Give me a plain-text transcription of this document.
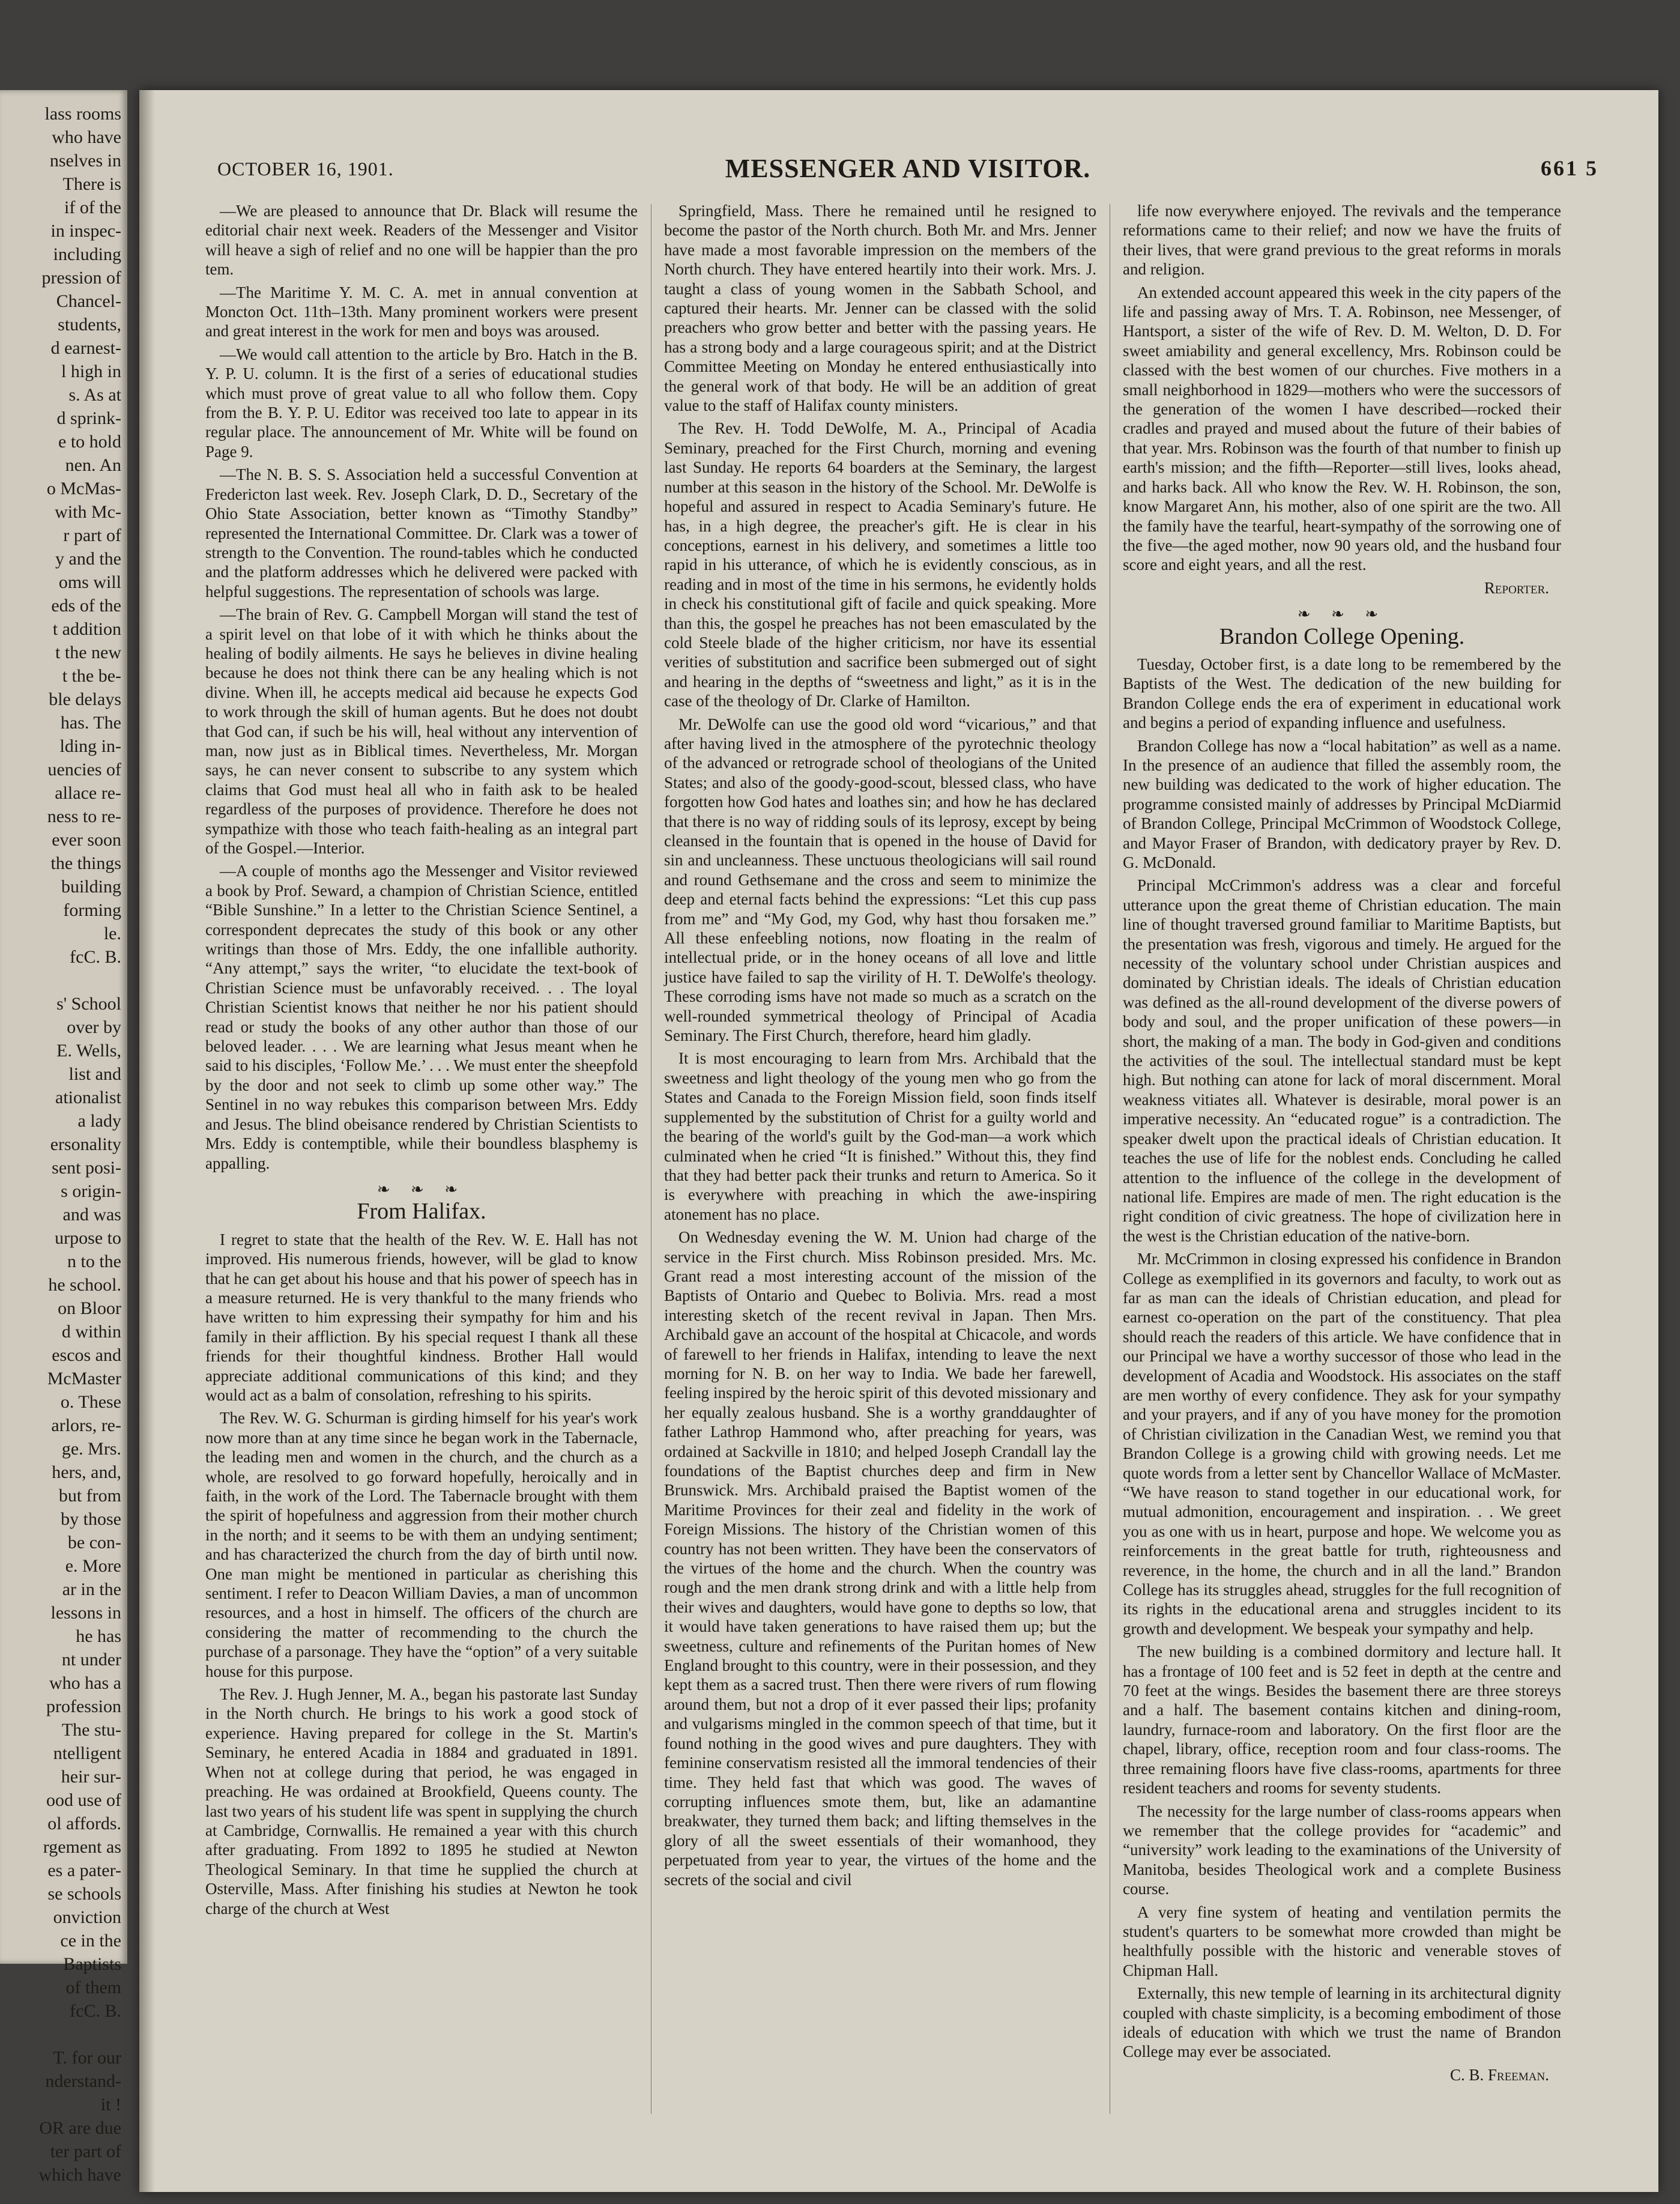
lass rooms
who have
nselves in
There is
if of the
in inspec-
including
pression of
Chancel-
students,
d earnest-
l high in
s. As at
d sprink-
e to hold
nen. An
o McMas-
with Mc-
r part of
y and the
oms will
eds of the
t addition
t the new
t the be-
ble delays
has. The
lding in-
uencies of
allace re-
ness to re-
ever soon
the things
building
forming
le.
fcC. B.
s' School
over by
E. Wells,
list and
ationalist
a lady
ersonality
sent posi-
s origin-
and was
urpose to
n to the
he school.
on Bloor
d within
escos and
McMaster
o. These
arlors, re-
ge. Mrs.
hers, and,
but from
by those
be con-
e. More
ar in the
lessons in
he has
nt under
who has a
profession
The stu-
ntelligent
heir sur-
ood use of
ol affords.
rgement as
es a pater-
se schools
onviction
ce in the
Baptists
of them
fcC. B.
T. for our
nderstand-
it !
OR are due
ter part of
which have
OCTOBER 16, 1901.	MESSENGER AND VISITOR.	661 5

—We are pleased to announce that Dr. Black will resume the editorial chair next week. Readers of the Messenger and Visitor will heave a sigh of relief and no one will be happier than the pro tem.

—The Maritime Y. M. C. A. met in annual convention at Moncton Oct. 11th–13th. Many prominent workers were present and great interest in the work for men and boys was aroused.

—We would call attention to the article by Bro. Hatch in the B. Y. P. U. column. It is the first of a series of educational studies which must prove of great value to all who follow them. Copy from the B. Y. P. U. Editor was received too late to appear in its regular place. The announcement of Mr. White will be found on Page 9.

—The N. B. S. S. Association held a successful Convention at Fredericton last week. Rev. Joseph Clark, D. D., Secretary of the Ohio State Association, better known as “Timothy Standby” represented the International Committee. Dr. Clark was a tower of strength to the Convention. The round-tables which he conducted and the platform addresses which he delivered were packed with helpful suggestions. The representation of schools was large.

—The brain of Rev. G. Campbell Morgan will stand the test of a spirit level on that lobe of it with which he thinks about the healing of bodily ailments. He says he believes in divine healing because he does not think there can be any healing which is not divine. When ill, he accepts medical aid because he expects God to work through the skill of human agents. But he does not doubt that God can, if such be his will, heal without any intervention of man, now just as in Biblical times. Nevertheless, Mr. Morgan says, he can never consent to subscribe to any system which claims that God must heal all who in faith ask to be healed regardless of the purposes of providence. Therefore he does not sympathize with those who teach faith-healing as an integral part of the Gospel.—Interior.

—A couple of months ago the Messenger and Visitor reviewed a book by Prof. Seward, a champion of Christian Science, entitled “Bible Sunshine.” In a letter to the Christian Science Sentinel, a correspondent deprecates the study of this book or any other writings than those of Mrs. Eddy, the one infallible authority. “Any attempt,” says the writer, “to elucidate the text-book of Christian Science must be unfavorably received. . . The loyal Christian Scientist knows that neither he nor his patient should read or study the books of any other author than those of our beloved leader. . . . We are learning what Jesus meant when he said to his disciples, ‘Follow Me.’ . . . We must enter the sheepfold by the door and not seek to climb up some other way.” The Sentinel in no way rebukes this comparison between Mrs. Eddy and Jesus. The blind obeisance rendered by Christian Scientists to Mrs. Eddy is contemptible, while their boundless blasphemy is appalling.

❧ ❧ ❧
From Halifax.

I regret to state that the health of the Rev. W. E. Hall has not improved. His numerous friends, however, will be glad to know that he can get about his house and that his power of speech has in a measure returned. He is very thankful to the many friends who have written to him expressing their sympathy for him and his family in their affliction. By his special request I thank all these friends for their thoughtful kindness. Brother Hall would appreciate additional communications of this kind; and they would act as a balm of consolation, refreshing to his spirits.

The Rev. W. G. Schurman is girding himself for his year's work now more than at any time since he began work in the Tabernacle, the leading men and women in the church, and the church as a whole, are resolved to go forward hopefully, heroically and in faith, in the work of the Lord. The Tabernacle brought with them the spirit of hopefulness and aggression from their mother church in the north; and it seems to be with them an undying sentiment; and has characterized the church from the day of birth until now. One man might be mentioned in particular as cherishing this sentiment. I refer to Deacon William Davies, a man of uncommon resources, and a host in himself. The officers of the church are considering the matter of recommending to the church the purchase of a parsonage. They have the “option” of a very suitable house for this purpose.

The Rev. J. Hugh Jenner, M. A., began his pastorate last Sunday in the North church. He brings to his work a good stock of experience. Having prepared for college in the St. Martin's Seminary, he entered Acadia in 1884 and graduated in 1891. When not at college during that period, he was engaged in preaching. He was ordained at Brookfield, Queens county. The last two years of his student life was spent in supplying the church at Cambridge, Cornwallis. He remained a year with this church after graduating. From 1892 to 1895 he studied at Newton Theological Seminary. In that time he supplied the church at Osterville, Mass. After finishing his studies at Newton he took charge of the church at West

Springfield, Mass. There he remained until he resigned to become the pastor of the North church. Both Mr. and Mrs. Jenner have made a most favorable impression on the members of the North church. They have entered heartily into their work. Mrs. J. taught a class of young women in the Sabbath School, and captured their hearts. Mr. Jenner can be classed with the solid preachers who grow better and better with the passing years. He has a strong body and a large courageous spirit; and at the District Committee Meeting on Monday he entered enthusiastically into the general work of that body. He will be an addition of great value to the staff of Halifax county ministers.

The Rev. H. Todd DeWolfe, M. A., Principal of Acadia Seminary, preached for the First Church, morning and evening last Sunday. He reports 64 boarders at the Seminary, the largest number at this season in the history of the School. Mr. DeWolfe is hopeful and assured in respect to Acadia Seminary's future. He has, in a high degree, the preacher's gift. He is clear in his conceptions, earnest in his delivery, and sometimes a little too rapid in his utterance, of which he is evidently conscious, as in reading and in most of the time in his sermons, he evidently holds in check his constitutional gift of facile and quick speaking. More than this, the gospel he preaches has not been emasculated by the cold Steele blade of the higher criticism, nor have its essential verities of substitution and sacrifice been submerged out of sight and hearing in the depths of “sweetness and light,” as it is in the case of the theology of Dr. Clarke of Hamilton.

Mr. DeWolfe can use the good old word “vicarious,” and that after having lived in the atmosphere of the pyrotechnic theology of the advanced or retrograde school of theologians of the United States; and also of the goody-good-scout, blessed class, who have forgotten how God hates and loathes sin; and how he has declared that there is no way of ridding souls of its leprosy, except by being cleansed in the fountain that is opened in the house of David for sin and uncleanness. These unctuous theologicians will sail round and round Gethsemane and the cross and seem to minimize the deep and eternal facts behind the expressions: “Let this cup pass from me” and “My God, my God, why hast thou forsaken me.” All these enfeebling notions, now floating in the realm of intellectual pride, or in the honey oceans of all love and little justice have failed to sap the virility of H. T. DeWolfe's theology. These corroding isms have not made so much as a scratch on the well-rounded symmetrical theology of Principal of Acadia Seminary. The First Church, therefore, heard him gladly.

It is most encouraging to learn from Mrs. Archibald that the sweetness and light theology of the young men who go from the States and Canada to the Foreign Mission field, soon finds itself supplemented by the substitution of Christ for a guilty world and the bearing of the world's guilt by the God-man—a work which culminated when he cried “It is finished.” Without this, they find that they had better pack their trunks and return to America. So it is everywhere with preaching in which the awe-inspiring atonement has no place.

On Wednesday evening the W. M. Union had charge of the service in the First church. Miss Robinson presided. Mrs. Mc. Grant read a most interesting account of the mission of the Baptists of Ontario and Quebec to Bolivia. Mrs. read a most interesting sketch of the recent revival in Japan. Then Mrs. Archibald gave an account of the hospital at Chicacole, and words of farewell to her friends in Halifax, intending to leave the next morning for N. B. on her way to India. We bade her farewell, feeling inspired by the heroic spirit of this devoted missionary and her equally zealous husband. She is a worthy granddaughter of father Lathrop Hammond who, after preaching for years, was ordained at Sackville in 1810; and helped Joseph Crandall lay the foundations of the Baptist churches deep and firm in New Brunswick. Mrs. Archibald praised the Baptist women of the Maritime Provinces for their zeal and fidelity in the work of Foreign Missions. The history of the Christian women of this country has not been written. They have been the conservators of the virtues of the home and the church. When the country was rough and the men drank strong drink and with a little help from their wives and daughters, would have gone to depths so low, that it would have taken generations to have raised them up; but the sweetness, culture and refinements of the Puritan homes of New England brought to this country, were in their possession, and they kept them as a sacred trust. Then there were rivers of rum flowing around them, but not a drop of it ever passed their lips; profanity and vulgarisms mingled in the common speech of that time, but it found nothing in the good wives and pure daughters. They with feminine conservatism resisted all the immoral tendencies of their time. They held fast that which was good. The waves of corrupting influences smote them, but, like an adamantine breakwater, they turned them back; and lifting themselves in the glory of all the sweet essentials of their womanhood, they perpetuated from year to year, the virtues of the home and the secrets of the social and civil

life now everywhere enjoyed. The revivals and the temperance reformations came to their relief; and now we have the fruits of their lives, that were grand previous to the great reforms in morals and religion.

An extended account appeared this week in the city papers of the life and passing away of Mrs. T. A. Robinson, nee Messenger, of Hantsport, a sister of the wife of Rev. D. M. Welton, D. D. For sweet amiability and general excellency, Mrs. Robinson could be classed with the best women of our churches. Five mothers in a small neighborhood in 1829—mothers who were the successors of the generation of the women I have described—rocked their cradles and prayed and mused about the future of their babies of that year. Mrs. Robinson was the fourth of that number to finish up earth's mission; and the fifth—Reporter—still lives, looks ahead, and harks back. All who know the Rev. W. H. Robinson, the son, know Margaret Ann, his mother, also of one spirit are the two. All the family have the tearful, heart-sympathy of the sorrowing one of the five—the aged mother, now 90 years old, and the husband four score and eight years, and all the rest.

Reporter.
❧ ❧ ❧
Brandon College Opening.

Tuesday, October first, is a date long to be remembered by the Baptists of the West. The dedication of the new building for Brandon College ends the era of experiment in educational work and begins a period of expanding influence and usefulness.

Brandon College has now a “local habitation” as well as a name. In the presence of an audience that filled the assembly room, the new building was dedicated to the work of higher education. The programme consisted mainly of addresses by Principal McDiarmid of Brandon College, Principal McCrimmon of Woodstock College, and Mayor Fraser of Brandon, with dedicatory prayer by Rev. D. G. McDonald.

Principal McCrimmon's address was a clear and forceful utterance upon the great theme of Christian education. The main line of thought traversed ground familiar to Maritime Baptists, but the presentation was fresh, vigorous and timely. He argued for the necessity of the voluntary school under Christian auspices and dominated by Christian ideals. The ideals of Christian education was defined as the all-round development of the diverse powers of body and soul, and the proper unification of these powers—in short, the making of a man. The body in God-given and conditions the activities of the soul. The intellectual standard must be kept high. But nothing can atone for lack of moral discernment. Moral weakness vitiates all. Whatever is desirable, moral power is an imperative necessity. An “educated rogue” is a contradiction. The speaker dwelt upon the practical ideals of Christian education. It teaches the use of life for the noblest ends. Concluding he called attention to the influence of the college in the development of national life. Empires are made of men. The right education is the right condition of civic greatness. The hope of civilization here in the west is the Christian education of the native-born.

Mr. McCrimmon in closing expressed his confidence in Brandon College as exemplified in its governors and faculty, to work out as far as man can the ideals of Christian education, and plead for earnest co-operation on the part of the constituency. That plea should reach the readers of this article. We have confidence that in our Principal we have a worthy successor of those who lead in the development of Acadia and Woodstock. His associates on the staff are men worthy of every confidence. They ask for your sympathy and your prayers, and if any of you have money for the promotion of Christian civilization in the Canadian West, we remind you that Brandon College is a growing child with growing needs. Let me quote words from a letter sent by Chancellor Wallace of McMaster. “We have reason to stand together in our educational work, for mutual admonition, encouragement and inspiration. . . We greet you as one with us in heart, purpose and hope. We welcome you as reinforcements in the great battle for truth, righteousness and reverence, in the home, the church and in all the land.” Brandon College has its struggles ahead, struggles for the full recognition of its rights in the educational arena and struggles incident to its growth and development. We bespeak your sympathy and help.

The new building is a combined dormitory and lecture hall. It has a frontage of 100 feet and is 52 feet in depth at the centre and 70 feet at the wings. Besides the basement there are three storeys and a half. The basement contains kitchen and dining-room, laundry, furnace-room and laboratory. On the first floor are the chapel, library, office, reception room and four class-rooms. The three remaining floors have five class-rooms, apartments for three resident teachers and rooms for seventy students.

The necessity for the large number of class-rooms appears when we remember that the college provides for “academic” and “university” work leading to the examinations of the University of Manitoba, besides Theological work and a complete Business course.

A very fine system of heating and ventilation permits the student's quarters to be somewhat more crowded than might be healthfully possible with the historic and venerable stoves of Chipman Hall.

Externally, this new temple of learning in its architectural dignity coupled with chaste simplicity, is a becoming embodiment of those ideals of education with which we trust the name of Brandon College may ever be associated.

C. B. Freeman.
